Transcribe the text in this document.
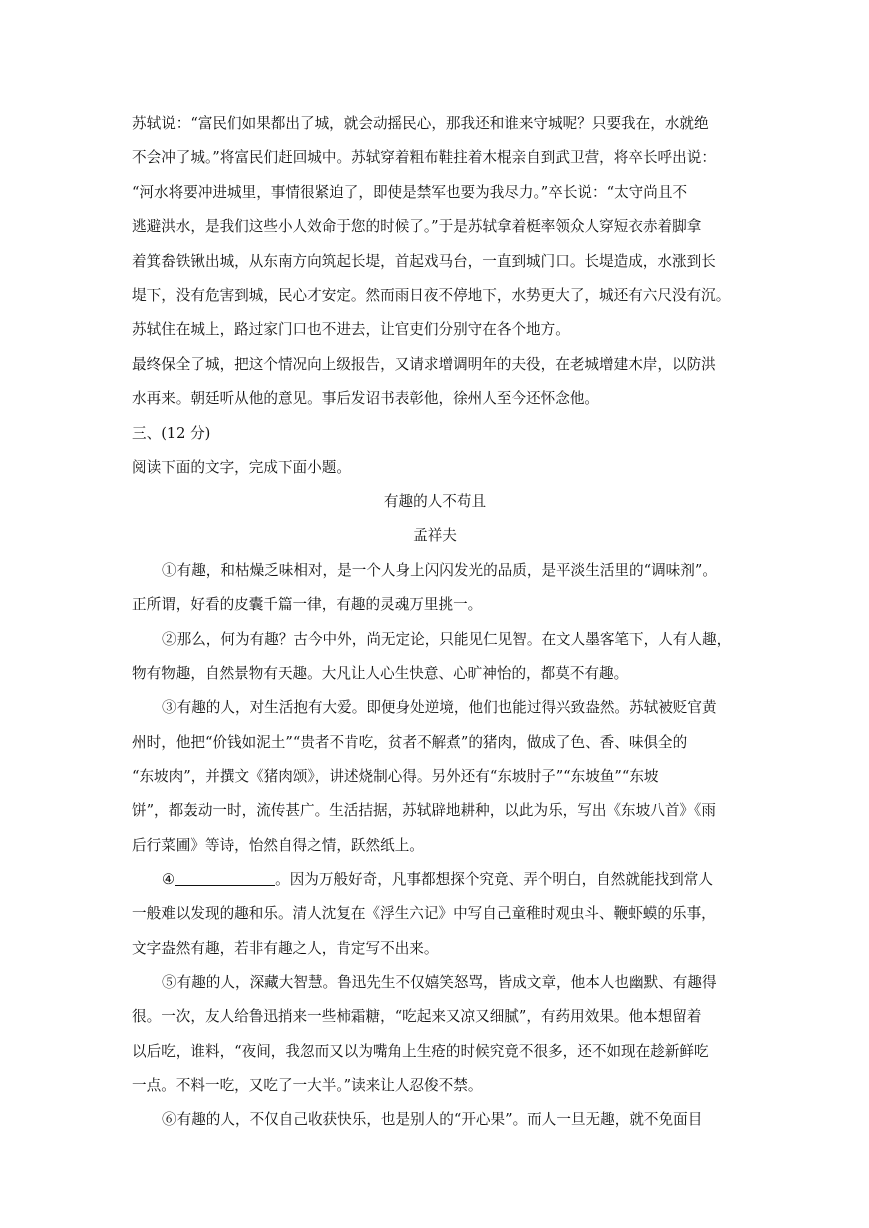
苏轼说：“富民们如果都出了城，就会动摇民心，那我还和谁来守城呢？只要我在，水就绝
不会冲了城。”将富民们赶回城中。苏轼穿着粗布鞋拄着木棍亲自到武卫营，将卒长呼出说：
“河水将要冲进城里，事情很紧迫了，即使是禁军也要为我尽力。”卒长说：“太守尚且不
逃避洪水，是我们这些小人效命于您的时候了。”于是苏轼拿着梃率领众人穿短衣赤着脚拿
着箕畚铁锹出城，从东南方向筑起长堤，首起戏马台，一直到城门口。长堤造成，水涨到长
堤下，没有危害到城，民心才安定。然而雨日夜不停地下，水势更大了，城还有六尺没有沉。
苏轼住在城上，路过家门口也不进去，让官吏们分别守在各个地方。
最终保全了城，把这个情况向上级报告，又请求增调明年的夫役，在老城增建木岸，以防洪
水再来。朝廷听从他的意见。事后发诏书表彰他，徐州人至今还怀念他。
三、(12 分)
阅读下面的文字，完成下面小题。
有趣的人不苟且
孟祥夫
①有趣，和枯燥乏味相对，是一个人身上闪闪发光的品质，是平淡生活里的“调味剂”。
正所谓，好看的皮囊千篇一律，有趣的灵魂万里挑一。
②那么，何为有趣？古今中外，尚无定论，只能见仁见智。在文人墨客笔下，人有人趣，
物有物趣，自然景物有天趣。大凡让人心生快意、心旷神怡的，都莫不有趣。
③有趣的人，对生活抱有大爱。即便身处逆境，他们也能过得兴致盎然。苏轼被贬官黄
州时，他把“价钱如泥土”“贵者不肯吃，贫者不解煮”的猪肉，做成了色、香、味俱全的
“东坡肉”，并撰文《猪肉颂》，讲述烧制心得。另外还有“东坡肘子”“东坡鱼”“东坡
饼”，都轰动一时，流传甚广。生活拮据，苏轼辟地耕种，以此为乐，写出《东坡八首》《雨
后行菜圃》等诗，怡然自得之情，跃然纸上。
④	。因为万般好奇，凡事都想探个究竟、弄个明白，自然就能找到常人
一般难以发现的趣和乐。清人沈复在《浮生六记》中写自己童稚时观虫斗、鞭虾蟆的乐事，
文字盎然有趣，若非有趣之人，肯定写不出来。
⑤有趣的人，深藏大智慧。鲁迅先生不仅嬉笑怒骂，皆成文章，他本人也幽默、有趣得
很。一次，友人给鲁迅捎来一些柿霜糖，“吃起来又凉又细腻”，有药用效果。他本想留着
以后吃，谁料，“夜间，我忽而又以为嘴角上生疮的时候究竟不很多，还不如现在趁新鲜吃
一点。不料一吃，又吃了一大半。”读来让人忍俊不禁。
⑥有趣的人，不仅自己收获快乐，也是别人的“开心果”。而人一旦无趣，就不免面目
